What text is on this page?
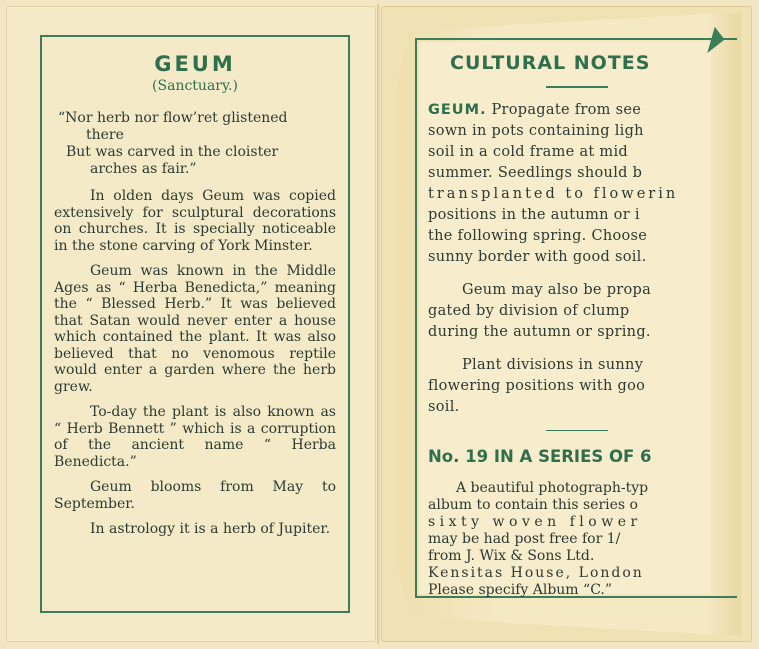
GEUM
(Sanctuary.)
“Nor herb nor flow’ret glistened
there
But was carved in the cloister
arches as fair.”

In olden days Geum was copied extensively for sculptural decorations on churches. It is specially noticeable in the stone carving of York Minster.

Geum was known in the Middle Ages as “ Herba Benedicta,” meaning the “ Blessed Herb.” It was believed that Satan would never enter a house which contained the plant. It was also believed that no venomous reptile would enter a garden where the herb grew.

To-day the plant is also known as “ Herb Bennett ” which is a corruption of the ancient name “ Herba Benedicta.”

Geum blooms from May to September.

In astrology it is a herb of Jupiter.

CULTURAL NOTES
GEUM. Propagate from see
sown in pots containing ligh
soil in a cold frame at mid
summer. Seedlings should b
transplanted to flowerin
positions in the autumn or i
the following spring. Choose
sunny border with good soil.
Geum may also be propa
gated by division of clump
during the autumn or spring.
Plant divisions in sunny
flowering positions with goo
soil.
No. 19 IN A SERIES OF 6
A beautiful photograph-typ
album to contain this series o
sixty woven flower
may be had post free for 1/
from J. Wix & Sons Ltd.
Kensitas House, London
Please specify Album “C.”
